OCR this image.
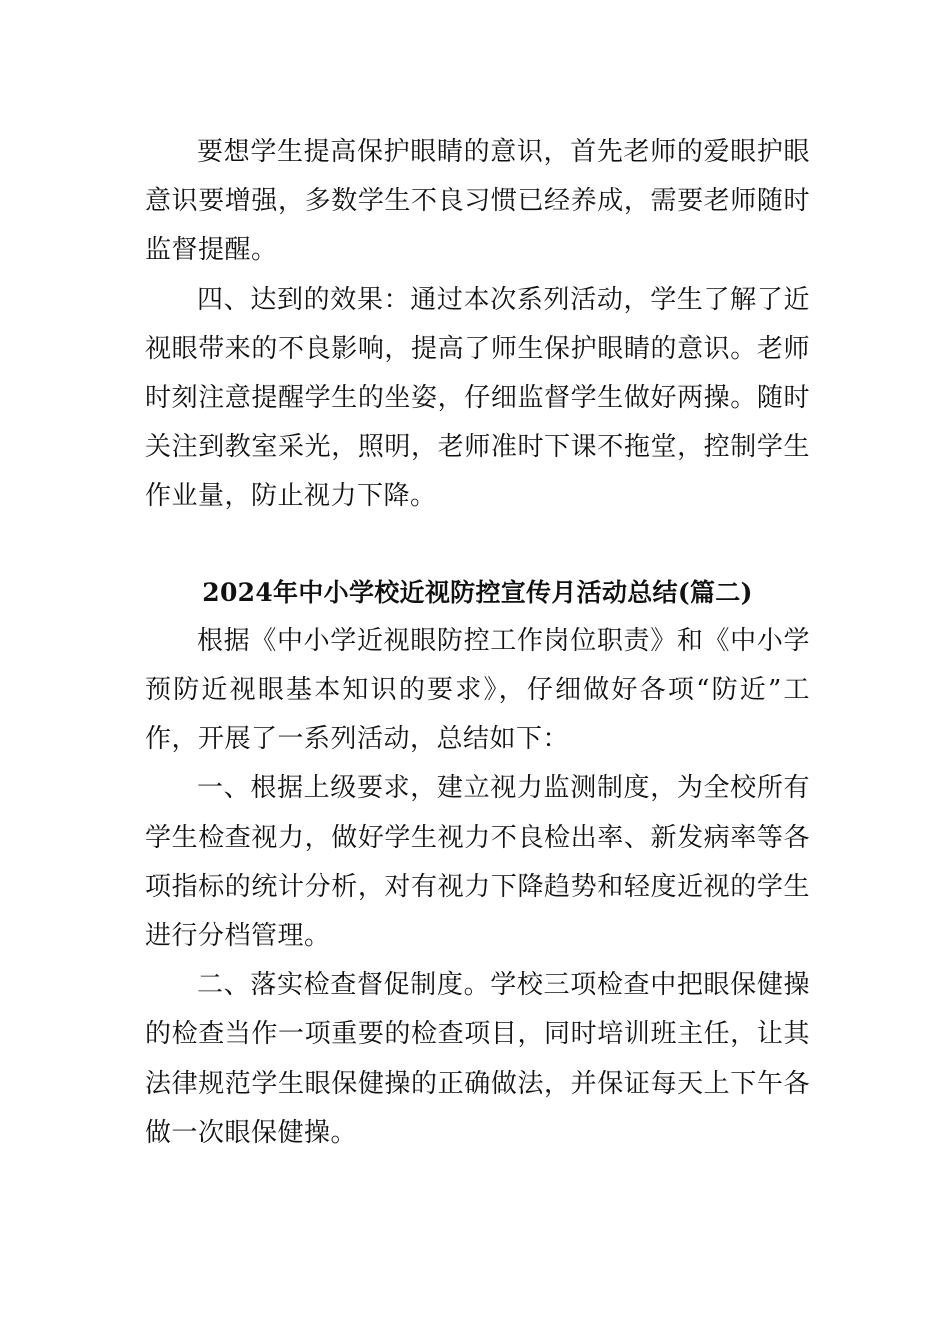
要想学生提高保护眼睛的意识，首先老师的爱眼护眼意识要增强，多数学生不良习惯已经养成，需要老师随时监督提醒。

四、达到的效果：通过本次系列活动，学生了解了近视眼带来的不良影响，提高了师生保护眼睛的意识。老师时刻注意提醒学生的坐姿，仔细监督学生做好两操。随时关注到教室采光，照明，老师准时下课不拖堂，控制学生作业量，防止视力下降。

2024年中小学校近视防控宣传月活动总结(篇二)

根据《中小学近视眼防控工作岗位职责》和《中小学预防近视眼基本知识的要求》，仔细做好各项“防近”工作，开展了一系列活动，总结如下：

一、根据上级要求，建立视力监测制度，为全校所有学生检查视力，做好学生视力不良检出率、新发病率等各项指标的统计分析，对有视力下降趋势和轻度近视的学生进行分档管理。

二、落实检查督促制度。学校三项检查中把眼保健操的检查当作一项重要的检查项目，同时培训班主任，让其法律规范学生眼保健操的正确做法，并保证每天上下午各做一次眼保健操。
